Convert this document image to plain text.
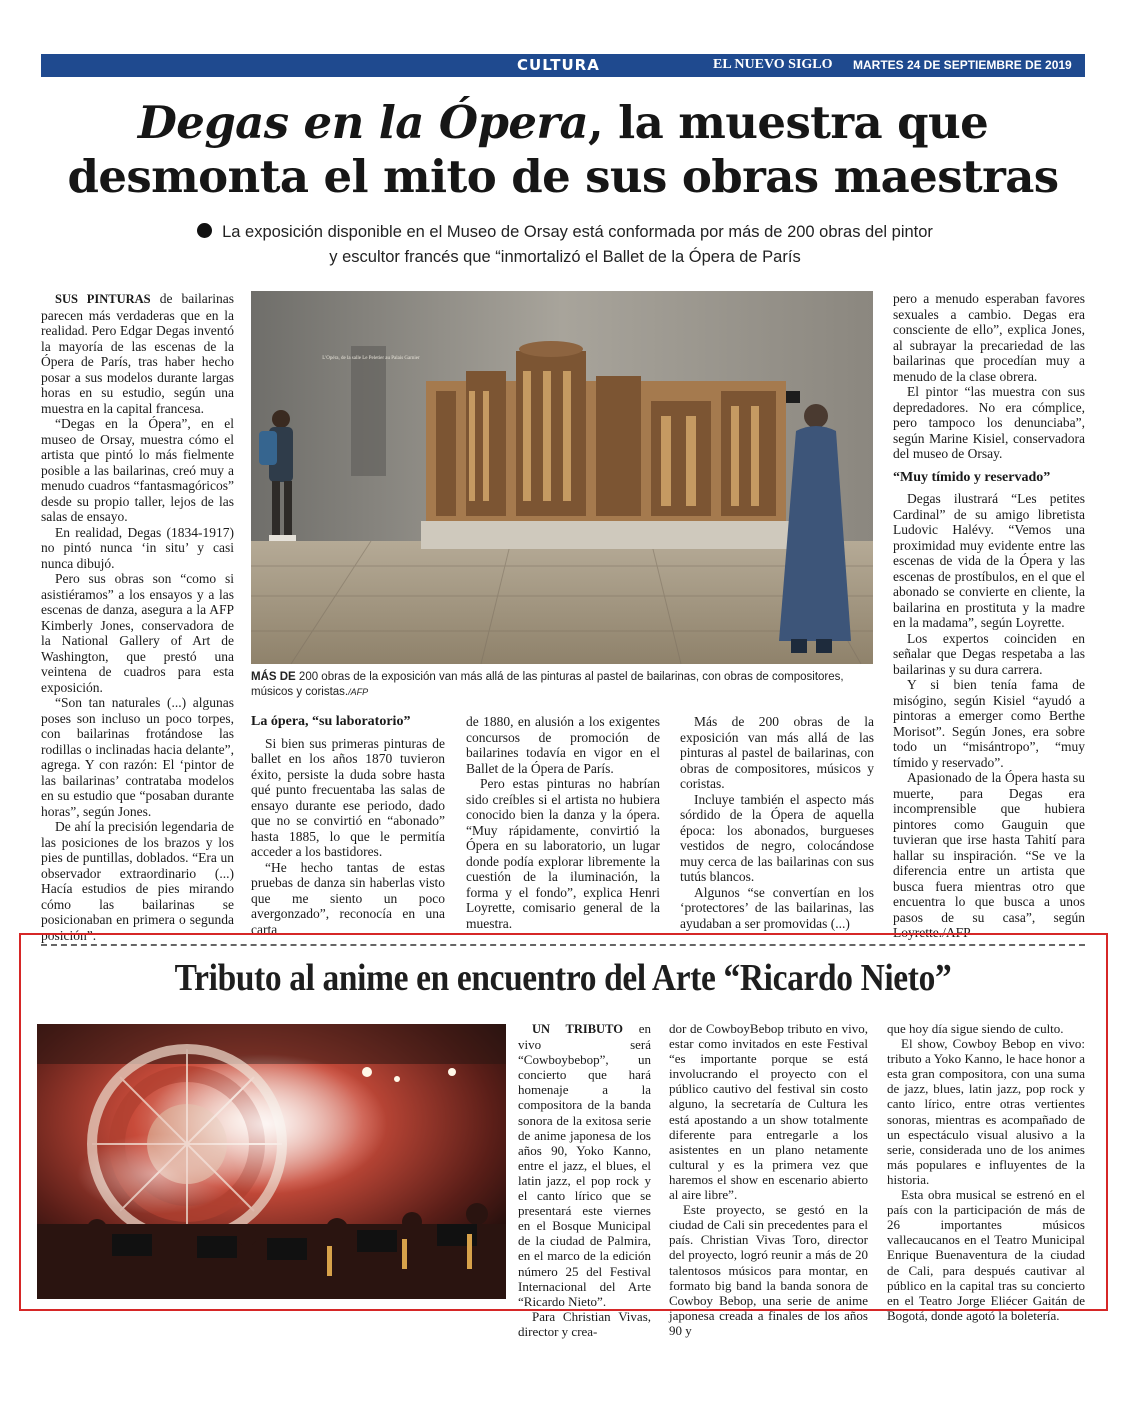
CULTURA	EL NUEVO SIGLO MARTES 24 DE SEPTIEMBRE DE 2019 11A
Degas en la Ópera, la muestra que
desmonta el mito de sus obras maestras
La exposición disponible en el Museo de Orsay está conformada por más de 200 obras del pintor
y escultor francés que “inmortalizó el Ballet de la Ópera de París

SUS PINTURAS de bailarinas parecen más verdaderas que en la realidad. Pero Edgar Degas inventó la mayoría de las escenas de la Ópera de París, tras haber hecho posar a sus modelos durante largas horas en su estudio, según una muestra en la capital francesa.

“Degas en la Ópera”, en el museo de Orsay, muestra cómo el artista que pintó lo más fielmente posible a las bailarinas, creó muy a menudo cuadros “fantasmagóricos” desde su propio taller, lejos de las salas de ensayo.

En realidad, Degas (1834-1917) no pintó nunca ‘in situ’ y casi nunca dibujó.

Pero sus obras son “como si asistiéramos” a los ensayos y a las escenas de danza, asegura a la AFP Kimberly Jones, conservadora de la National Gallery of Art de Washington, que prestó una veintena de cuadros para esta exposición.

“Son tan naturales (...) algunas poses son incluso un poco torpes, con bailarinas frotándose las rodillas o inclinadas hacia delante”, agrega. Y con razón: El ‘pintor de las bailarinas’ contrataba modelos en su estudio que “posaban durante horas”, según Jones.

De ahí la precisión legendaria de las posiciones de los brazos y los pies de puntillas, doblados. “Era un observador extraordinario (...) Hacía estudios de pies mirando cómo las bailarinas se posicionaban en primera o segunda posición”.

L'Opéra, de la salle Le Peletier au Palais Garnier
MÁS DE 200 obras de la exposición van más allá de las pinturas al pastel de bailarinas, con obras de compositores, músicos y coristas./AFP

La ópera, “su laboratorio”

Si bien sus primeras pinturas de ballet en los años 1870 tuvieron éxito, persiste la duda sobre hasta qué punto frecuentaba las salas de ensayo durante ese periodo, dado que no se convirtió en “abonado” hasta 1885, lo que le permitía acceder a los bastidores.

“He hecho tantas de estas pruebas de danza sin haberlas visto que me siento un poco avergonzado”, reconocía en una carta

de 1880, en alusión a los exigentes concursos de promoción de bailarines todavía en vigor en el Ballet de la Ópera de París.

Pero estas pinturas no habrían sido creíbles si el artista no hubiera conocido bien la danza y la ópera. “Muy rápidamente, convirtió la Ópera en su laboratorio, un lugar donde podía explorar libremente la cuestión de la iluminación, la forma y el fondo”, explica Henri Loyrette, comisario general de la muestra.

Más de 200 obras de la exposición van más allá de las pinturas al pastel de bailarinas, con obras de compositores, músicos y coristas.

Incluye también el aspecto más sórdido de la Ópera de aquella época: los abonados, burgueses vestidos de negro, colocándose muy cerca de las bailarinas con sus tutús blancos.

Algunos “se convertían en los ‘protectores’ de las bailarinas, las ayudaban a ser promovidas (...)

pero a menudo esperaban favores sexuales a cambio. Degas era consciente de ello”, explica Jones, al subrayar la precariedad de las bailarinas que procedían muy a menudo de la clase obrera.

El pintor “las muestra con sus depredadores. No era cómplice, pero tampoco los denunciaba”, según Marine Kisiel, conservadora del museo de Orsay.

“Muy tímido y reservado”

Degas ilustrará “Les petites Cardinal” de su amigo libretista Ludovic Halévy. “Vemos una proximidad muy evidente entre las escenas de vida de la Ópera y las escenas de prostíbulos, en el que el abonado se convierte en cliente, la bailarina en prostituta y la madre en la madama”, según Loyrette.

Los expertos coinciden en señalar que Degas respetaba a las bailarinas y su dura carrera.

Y si bien tenía fama de misógino, según Kisiel “ayudó a pintoras a emerger como Berthe Morisot”. Según Jones, era sobre todo un “misántropo”, “muy tímido y reservado”.

Apasionado de la Ópera hasta su muerte, para Degas era incomprensible que hubiera pintores como Gauguin que tuvieran que irse hasta Tahití para hallar su inspiración. “Se ve la diferencia entre un artista que busca fuera mientras otro que encuentra lo que busca a unos pasos de su casa”, según Loyrette./AFP

Tributo al anime en encuentro del Arte “Ricardo Nieto”

UN TRIBUTO en vivo será “Cowboybebop”, un concierto que hará homenaje a la compositora de la banda sonora de la exitosa serie de anime japonesa de los años 90, Yoko Kanno, entre el jazz, el blues, el latin jazz, el pop rock y el canto lírico que se presentará este viernes en el Bosque Municipal de la ciudad de Palmira, en el marco de la edición número 25 del Festival Internacional del Arte “Ricardo Nieto”.

Para Christian Vivas, director y crea-

dor de CowboyBebop tributo en vivo, estar como invitados en este Festival “es importante porque se está involucrando el proyecto con el público cautivo del festival sin costo alguno, la secretaría de Cultura les está apostando a un show totalmente diferente para entregarle a los asistentes en un plano netamente cultural y es la primera vez que haremos el show en escenario abierto al aire libre”.

Este proyecto, se gestó en la ciudad de Cali sin precedentes para el país. Christian Vivas Toro, director del proyecto, logró reunir a más de 20 talentosos músicos para montar, en formato big band la banda sonora de Cowboy Bebop, una serie de anime japonesa creada a finales de los años 90 y

que hoy día sigue siendo de culto.

El show, Cowboy Bebop en vivo: tributo a Yoko Kanno, le hace honor a esta gran compositora, con una suma de jazz, blues, latin jazz, pop rock y canto lírico, entre otras vertientes sonoras, mientras es acompañado de un espectáculo visual alusivo a la serie, considerada uno de los animes más populares e influyentes de la historia.

Esta obra musical se estrenó en el país con la participación de más de 26 importantes músicos vallecaucanos en el Teatro Municipal Enrique Buenaventura de la ciudad de Cali, para después cautivar al público en la capital tras su concierto en el Teatro Jorge Eliécer Gaitán de Bogotá, donde agotó la boletería.
